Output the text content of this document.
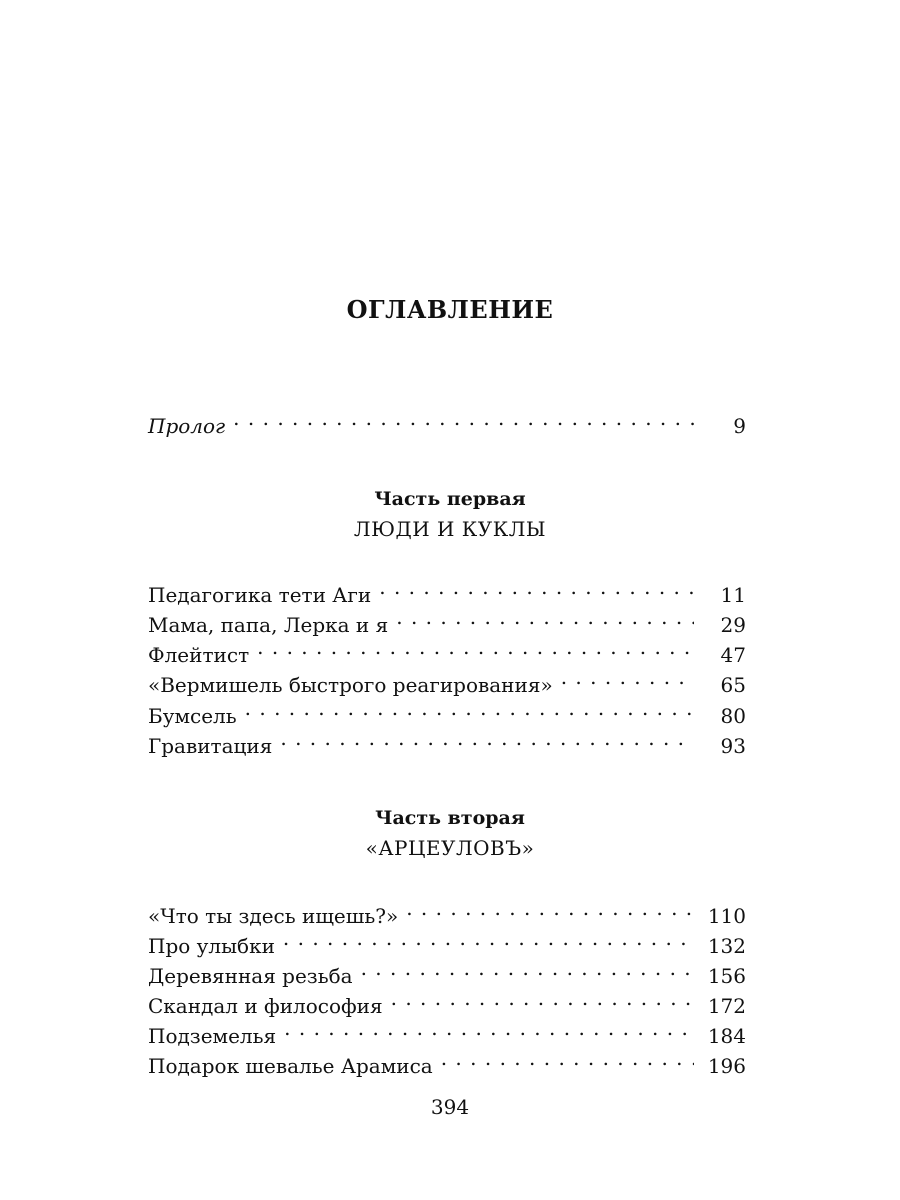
ОГЛАВЛЕНИЕ
Пролог . . .	9
Часть первая
ЛЮДИ И КУКЛЫ
Педагогика тети Аги . . .	11
Мама, папа, Лерка и я . . .	29
Флейтист . . .	47
«Вермишель быстрого реагирования» . . .	65
Бумсель . . .	80
Гравитация . . .	93
Часть вторая
«АРЦЕУЛОВЪ»
«Что ты здесь ищешь?» . . .	110
Про улыбки . . .	132
Деревянная резьба . . .	156
Скандал и философия . . .	172
Подземелья . . .	184
Подарок шевалье Арамиса . . .	196
394
